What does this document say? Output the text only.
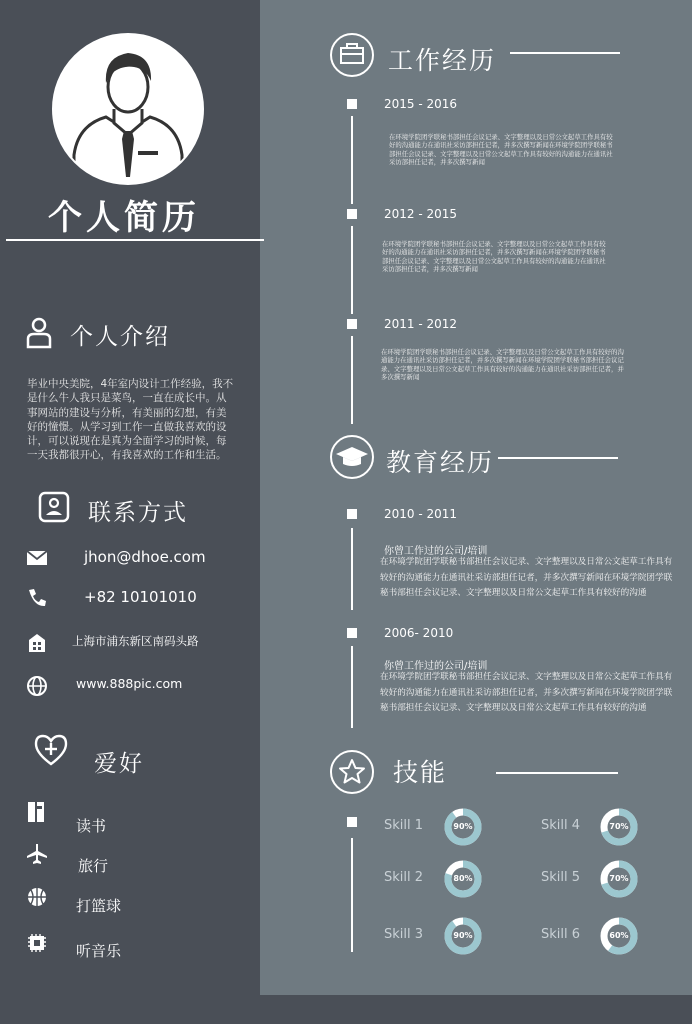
个人简历
个人介绍
毕业中央美院，4年室内设计工作经验，我不是什么牛人我只是菜鸟，一直在成长中。从事网站的建设与分析，有美丽的幻想，有美好的憧憬。从学习到工作一直做我喜欢的设计，可以说现在是真为全面学习的时候，每一天我都很开心，有我喜欢的工作和生活。
联系方式
jhon@dhoe.com
+82 10101010
上海市浦东新区南码头路
www.888pic.com
爱好
读书
旅行
打篮球
听音乐
工作经历
2015 - 2016
在环境学院团学联秘书部担任会议记录、文字整理以及日常公文起草工作具有较好的沟通能力在通讯社采访部担任记者，并多次撰写新闻在环境学院团学联秘书部担任会议记录、文字整理以及日常公文起草工作具有较好的沟通能力在通讯社采访部担任记者，并多次撰写新闻
2012 - 2015
在环境学院团学联秘书部担任会议记录、文字整理以及日常公文起草工作具有较好的沟通能力在通讯社采访部担任记者，并多次撰写新闻在环境学院团学联秘书部担任会议记录、文字整理以及日常公文起草工作具有较好的沟通能力在通讯社采访部担任记者，并多次撰写新闻
2011 - 2012
在环境学院团学联秘书部担任会议记录、文字整理以及日常公文起草工作具有较好的沟通能力在通讯社采访部担任记者，并多次撰写新闻在环境学院团学联秘书部担任会议记录、文字整理以及日常公文起草工作具有较好的沟通能力在通讯社采访部担任记者，并多次撰写新闻
教育经历
2010 - 2011
你曾工作过的公司/培训
在环境学院团学联秘书部担任会议记录、文字整理以及日常公文起草工作具有较好的沟通能力在通讯社采访部担任记者，并多次撰写新闻在环境学院团学联秘书部担任会议记录、文字整理以及日常公文起草工作具有较好的沟通
2006- 2010
你曾工作过的公司/培训
在环境学院团学联秘书部担任会议记录、文字整理以及日常公文起草工作具有较好的沟通能力在通讯社采访部担任记者，并多次撰写新闻在环境学院团学联秘书部担任会议记录、文字整理以及日常公文起草工作具有较好的沟通
技能
Skill 1	90%
Skill 2	80%
Skill 3	90%
Skill 4	70%
Skill 5	70%
Skill 6	60%
